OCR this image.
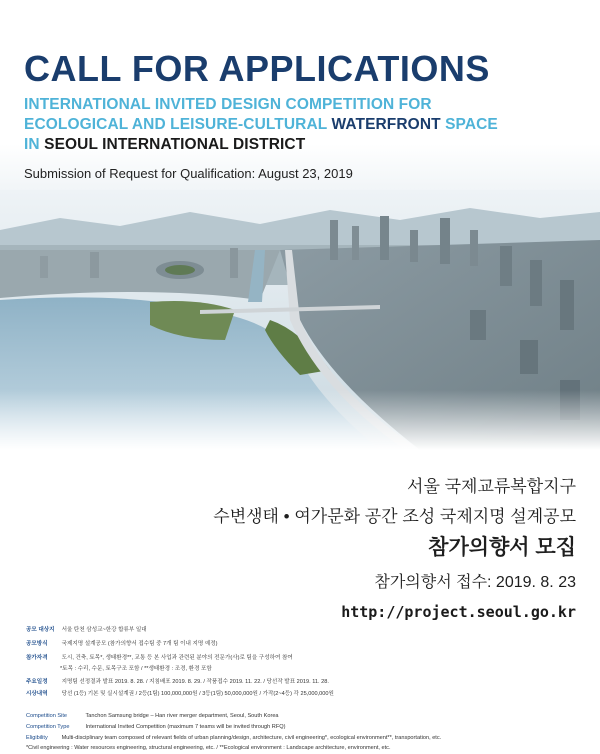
CALL FOR APPLICATIONS
INTERNATIONAL INVITED DESIGN COMPETITION FOR
ECOLOGICAL AND LEISURE-CULTURAL WATERFRONT SPACE
IN SEOUL INTERNATIONAL DISTRICT
Submission of Request for Qualification: August 23, 2019
서울 국제교류복합지구
수변생태 • 여가문화 공간 조성 국제지명 설계공모
참가의향서 모집
참가의향서 접수: 2019. 8. 23
http://project.seoul.go.kr
공모 대상지 서울 탄천 삼성교~한강 합류부 일대
공모방식 국제지명 설계공모 (참가의향서 접수팀 중 7개 팀 이내 지명 예정)
참가자격 도시, 건축, 토목*, 생태환경**, 교통 등 본 사업과 관련된 분야의 전문가(사)로 팀을 구성하여 참여
*토목 : 수리, 수문, 토목구조 포함 / **생태환경 : 조경, 환경 포함
주요일정 지명팀 선정결과 발표 2019. 8. 28. / 지침배포 2019. 8. 29. / 작품접수 2019. 11. 22. / 당선작 발표 2019. 11. 28.
시상내역 당선 (1등) 기본 및 실시설계권 / 2등(1팀) 100,000,000원 / 3등(1팀) 50,000,000원 / 가작(2~4등) 각 25,000,000원
Competition Site	Tanchon Samsung bridge – Han river merger department, Seoul, South Korea
Competition Type	International Invited Competition (maximum 7 teams will be invited through RFQ)
Eligibility Multi-disciplinary team composed of relevant fields of urban planning/design, architecture, civil engineering*, ecological environment**, transportation, etc.
*Civil engineering : Water resources engineering, structural engineering, etc. / **Ecological environment : Landscape architecture, environment, etc.
